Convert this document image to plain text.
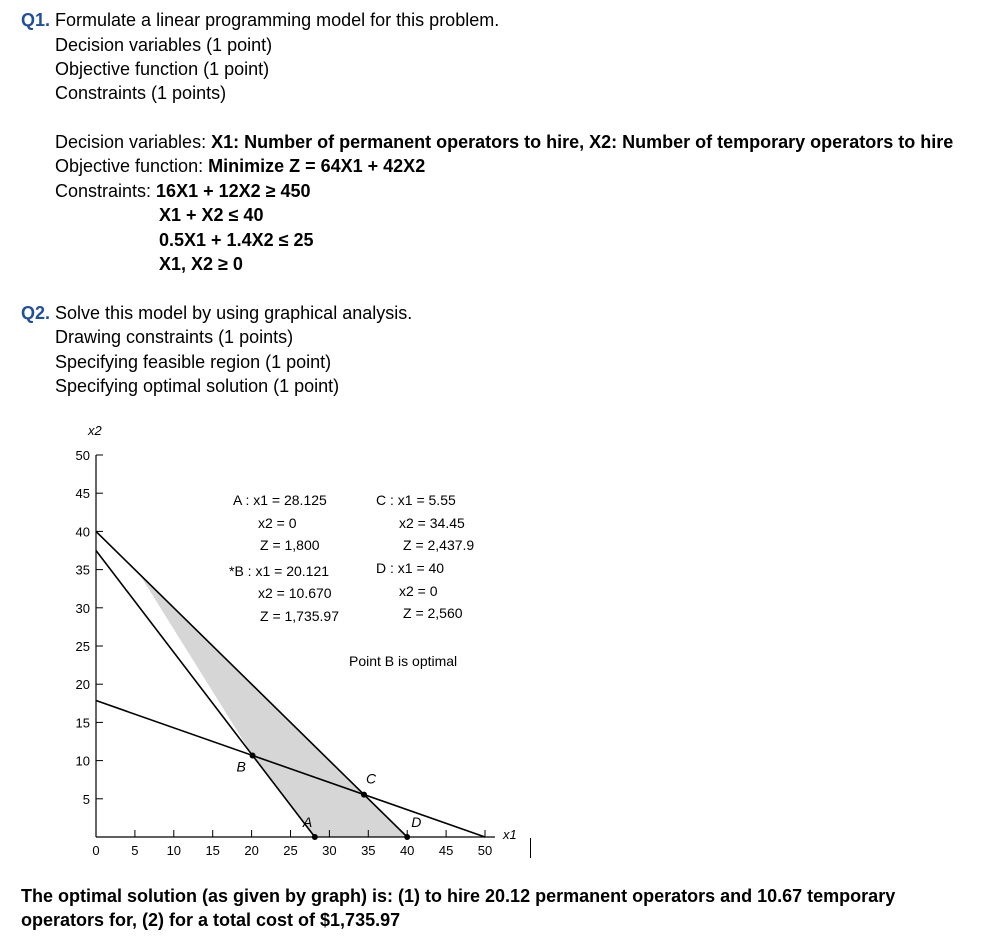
Q1. Formulate a linear programming model for this problem.
Decision variables (1 point)
Objective function (1 point)
Constraints (1 points)
Decision variables: X1: Number of permanent operators to hire, X2: Number of temporary operators to hire
Objective function: Minimize Z = 64X1 + 42X2
Constraints: 16X1 + 12X2 ≥ 450
X1 + X2 ≤ 40
0.5X1 + 1.4X2 ≤ 25
X1, X2 ≥ 0
Q2. Solve this model by using graphical analysis.
Drawing constraints (1 points)
Specifying feasible region (1 point)
Specifying optimal solution (1 point)
0 5 10 15 20 25 30 35 40 45 50
5
10
15
20
25
30
35
40
45
50
A
B
C
D
x2
x1
A : x1 = 28.125
x2 = 0
Z = 1,800
*B : x1 = 20.121
x2 = 10.670
Z = 1,735.97
C : x1 = 5.55
x2 = 34.45
Z = 2,437.9
D : x1 = 40
x2 = 0
Z = 2,560
Point B is optimal
The optimal solution (as given by graph) is: (1) to hire 20.12 permanent operators and 10.67 temporary
operators for, (2) for a total cost of $1,735.97
